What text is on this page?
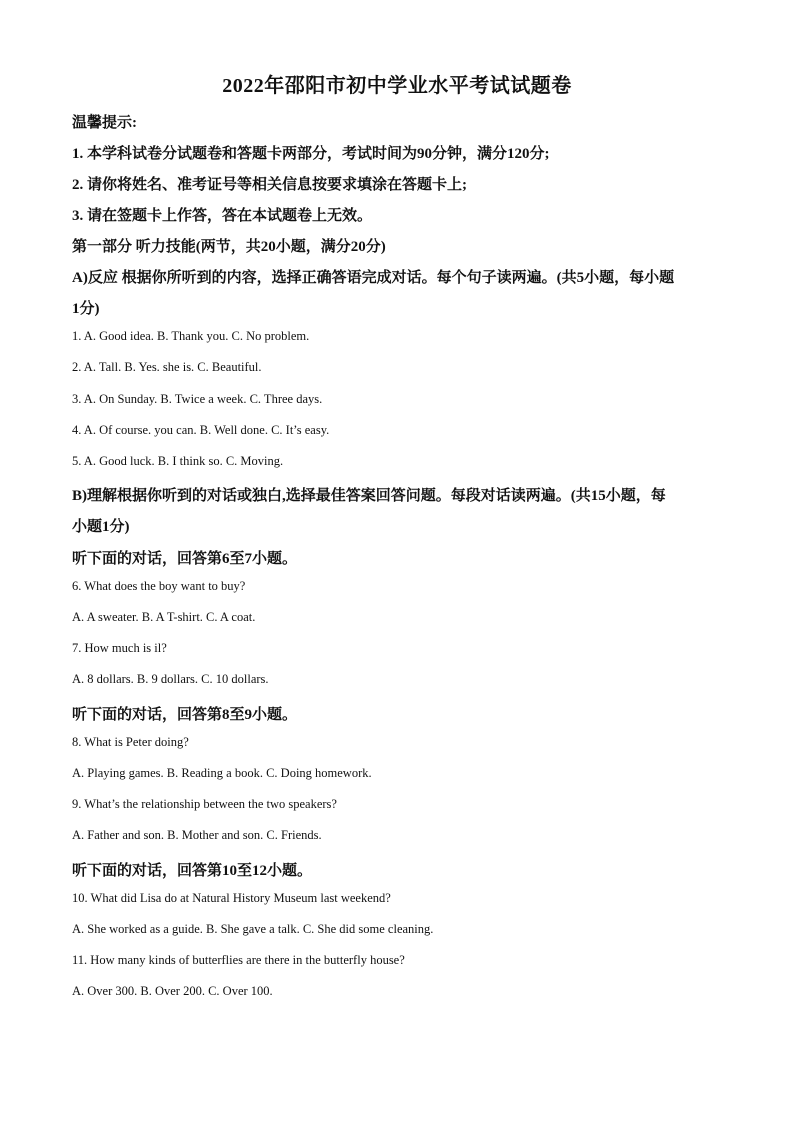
2022年邵阳市初中学业水平考试试题卷
温馨提示:
1. 本学科试卷分试题卷和答题卡两部分，考试时间为90分钟，满分120分;
2. 请你将姓名、准考证号等相关信息按要求填涂在答题卡上;
3. 请在签题卡上作答，答在本试题卷上无效。
第一部分 听力技能(两节，共20小题，满分20分)
A)反应 根据你所听到的内容，选择正确答语完成对话。每个句子读两遍。(共5小题，每小题
1分)
1. A. Good idea. B. Thank you. C. No problem.
2. A. Tall. B. Yes. she is. C. Beautiful.
3. A. On Sunday. B. Twice a week. C. Three days.
4. A. Of course. you can. B. Well done. C. It’s easy.
5. A. Good luck. B. I think so. C. Moving.
B)理解根据你听到的对话或独白,选择最佳答案回答问题。每段对话读两遍。(共15小题，每
小题1分)
听下面的对话，回答第6至7小题。
6. What does the boy want to buy?
A. A sweater. B. A T-shirt. C. A coat.
7. How much is il?
A. 8 dollars. B. 9 dollars. C. 10 dollars.
听下面的对话，回答第8至9小题。
8. What is Peter doing?
A. Playing games. B. Reading a book. C. Doing homework.
9. What’s the relationship between the two speakers?
A. Father and son. B. Mother and son. C. Friends.
听下面的对话，回答第10至12小题。
10. What did Lisa do at Natural History Museum last weekend?
A. She worked as a guide. B. She gave a talk. C. She did some cleaning.
11. How many kinds of butterflies are there in the butterfly house?
A. Over 300. B. Over 200. C. Over 100.
